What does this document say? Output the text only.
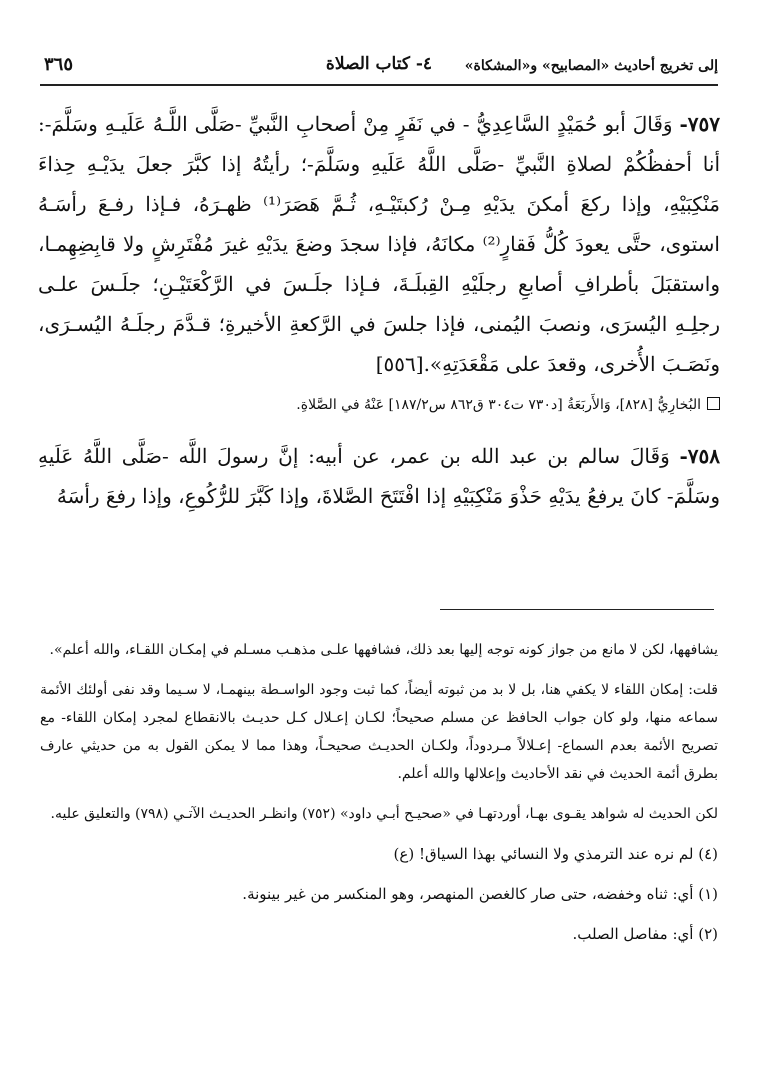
إلى تخريج أحاديث «المصابيح» و«المشكاة»
٤- كتاب الصلاة
٣٦٥

٧٥٧- وَقَالَ أبو حُمَيْدٍ السَّاعِدِيُّ - في نَفَرٍ مِنْ أصحابِ النَّبيِّ -صَلَّى اللَّـهُ عَلَيـهِ وسَلَّمَ-: أنا أحفظُكُمْ لصلاةِ النَّبيِّ -صَلَّى اللَّهُ عَلَيهِ وسَلَّمَ-؛ رأيتُهُ إذا كبَّرَ جعلَ يدَيْـهِ حِذاءَ مَنْكِبَيْهِ، وإذا ركعَ أمكنَ يدَيْهِ مِـنْ رُكبتَيْـهِ، ثُـمَّ هَصَرَ⁽¹⁾ ظهـرَهُ، فـإذا رفـعَ رأسَـهُ استوى، حتَّى يعودَ كُلُّ فَقارٍ⁽²⁾ مكانَهُ، فإذا سجدَ وضعَ يدَيْهِ غيرَ مُفْتَرِشٍ ولا قابِضِهِمـا، واستقبَلَ بأطرافِ أصابعِ رجلَيْهِ القِبلَـةَ، فـإذا جلَـسَ في الرَّكْعَتَيْـنِ؛ جلَـسَ علـى رجلِـهِ اليُسرَى، ونصبَ اليُمنى، فإذا جلسَ في الرَّكعةِ الأخيرةِ؛ قـدَّمَ رجلَـهُ اليُسـرَى، ونَصَـبَ الأُخرى، وقعدَ على مَقْعَدَتِهِ».[٥٥٦]

البُخارِيُّ [٨٢٨]، وَالأَربَعَةُ [د٧٣٠ ت٣٠٤ ق٨٦٢ س١٨٧/٢] عَنْهُ في الصَّلاةِ.

٧٥٨- وَقَالَ سالم بن عبد الله بن عمر، عن أبيه: إنَّ رسولَ اللَّه -صَلَّى اللَّهُ عَلَيهِ وسَلَّمَ- كانَ يرفعُ يدَيْهِ حَذْوَ مَنْكِبَيْهِ إذا افْتَتَحَ الصَّلاةَ، وإذا كَبَّرَ للرُّكُوعِ، وإذا رفعَ رأسَهُ

يشافهها، لكن لا مانع من جواز كونه توجه إليها بعد ذلك، فشافهها علـى مذهـب مسـلم في إمكـان اللقـاء، والله أعلم».

قلت: إمكان اللقاء لا يكفي هنا، بل لا بد من ثبوته أيضاً، كما ثبت وجود الواسـطة بينهمـا، لا سـيما وقد نفى أولئك الأئمة سماعه منها، ولو كان جواب الحافظ عن مسلم صحيحاً؛ لكـان إعـلال كـل حديـث بالانقطاع لمجرد إمكان اللقاء- مع تصريح الأئمة بعدم السماع- إعـلالاً مـردوداً، ولكـان الحديـث صحيحـاً، وهذا مما لا يمكن القول به من حديثي عارف بطرق أئمة الحديث في نقد الأحاديث وإعلالها والله أعلم.

لكن الحديث له شواهد يقـوى بهـا، أوردتهـا في «صحيـح أبـي داود» (٧٥٢) وانظـر الحديـث الآتـي (٧٩٨) والتعليق عليه.

(٤) لم نره عند الترمذي ولا النسائي بهذا السياق! (ع)

(١) أي: ثناه وخفضه، حتى صار كالغصن المنهصر، وهو المنكسر من غير بينونة.

(٢) أي: مفاصل الصلب.
